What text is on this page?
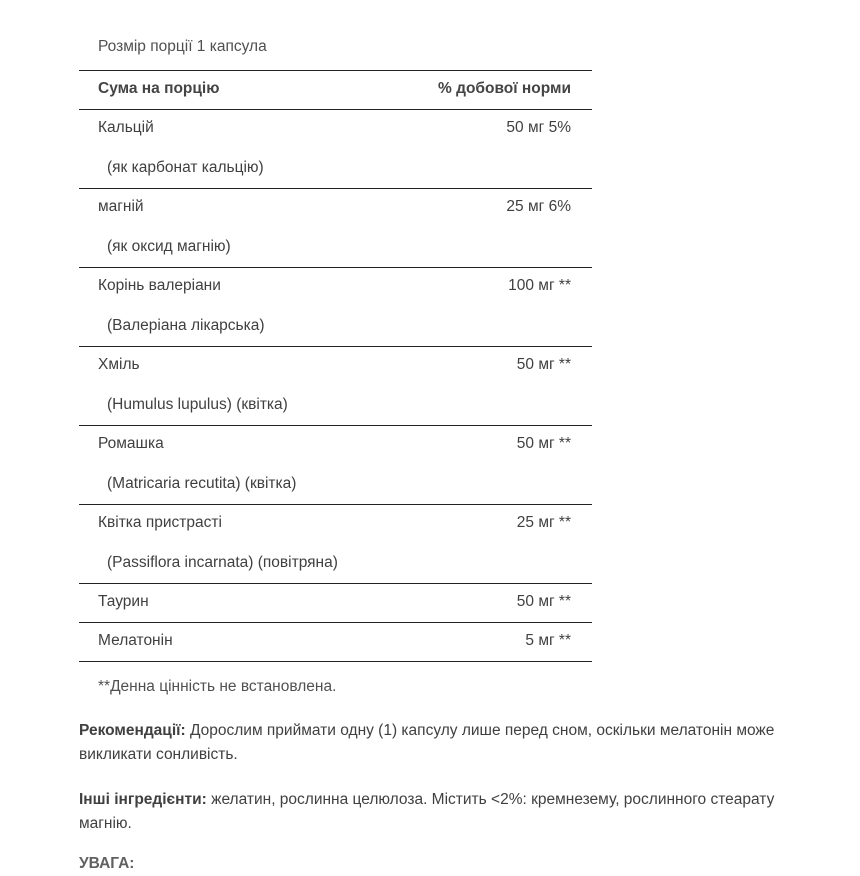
Розмір порції 1 капсула
Сума на порцію	% добової норми
Кальцій	50 мг 5%
(як карбонат кальцію)
магній	25 мг 6%
(як оксид магнію)
Корінь валеріани	100 мг **
(Валеріана лікарська)
Хміль	50 мг **
(Humulus lupulus) (квітка)
Ромашка	50 мг **
(Matricaria recutita) (квітка)
Квітка пристрасті	25 мг **
(Passiflora incarnata) (повітряна)
Таурин	50 мг **
Мелатонін	5 мг **
**Денна цінність не встановлена.
Рекомендації: Дорослим приймати одну (1) капсулу лише перед сном, оскільки мелатонін може викликати сонливість.
Інші інгредієнти: желатин, рослинна целюлоза. Містить <2%: кремнезему, рослинного стеарату магнію.
УВАГА:
